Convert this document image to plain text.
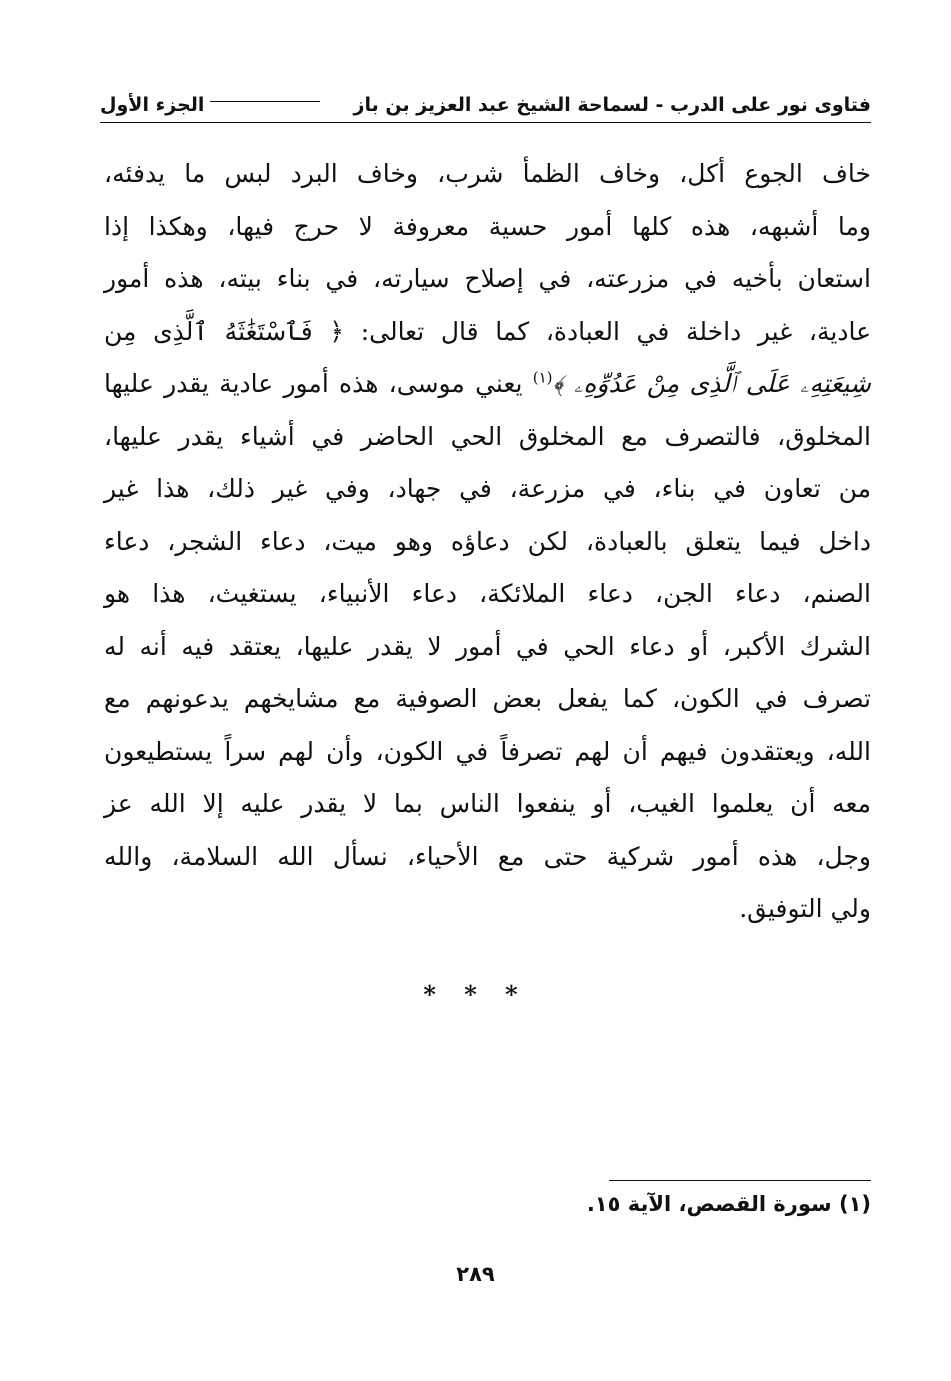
فتاوى نور على الدرب - لسماحة الشيخ عبد العزيز بن باز
الجزء الأول
خاف الجوع أكل، وخاف الظمأ شرب، وخاف البرد لبس ما يدفئه،
وما أشبهه، هذه كلها أمور حسية معروفة لا حرج فيها، وهكذا إذا
استعان بأخيه في مزرعته، في إصلاح سيارته، في بناء بيته، هذه أمور
عادية، غير داخلة في العبادة، كما قال تعالى: ﴿ فَٱسْتَغَٰثَهُ ٱلَّذِى مِن
شِيعَتِهِۦ عَلَى ٱلَّذِى مِنْ عَدُوِّهِۦ ﴾$^{(١)}$ يعني موسى، هذه أمور عادية يقدر عليها
المخلوق، فالتصرف مع المخلوق الحي الحاضر في أشياء يقدر عليها،
من تعاون في بناء، في مزرعة، في جهاد، وفي غير ذلك، هذا غير
داخل فيما يتعلق بالعبادة، لكن دعاؤه وهو ميت، دعاء الشجر، دعاء
الصنم، دعاء الجن، دعاء الملائكة، دعاء الأنبياء، يستغيث، هذا هو
الشرك الأكبر، أو دعاء الحي في أمور لا يقدر عليها، يعتقد فيه أنه له
تصرف في الكون، كما يفعل بعض الصوفية مع مشايخهم يدعونهم مع
الله، ويعتقدون فيهم أن لهم تصرفاً في الكون، وأن لهم سراً يستطيعون
معه أن يعلموا الغيب، أو ينفعوا الناس بما لا يقدر عليه إلا الله عز
وجل، هذه أمور شركية حتى مع الأحياء، نسأل الله السلامة، والله
ولي التوفيق.
* * *
(١) سورة القصص، الآية ١٥.
٢٨٩
